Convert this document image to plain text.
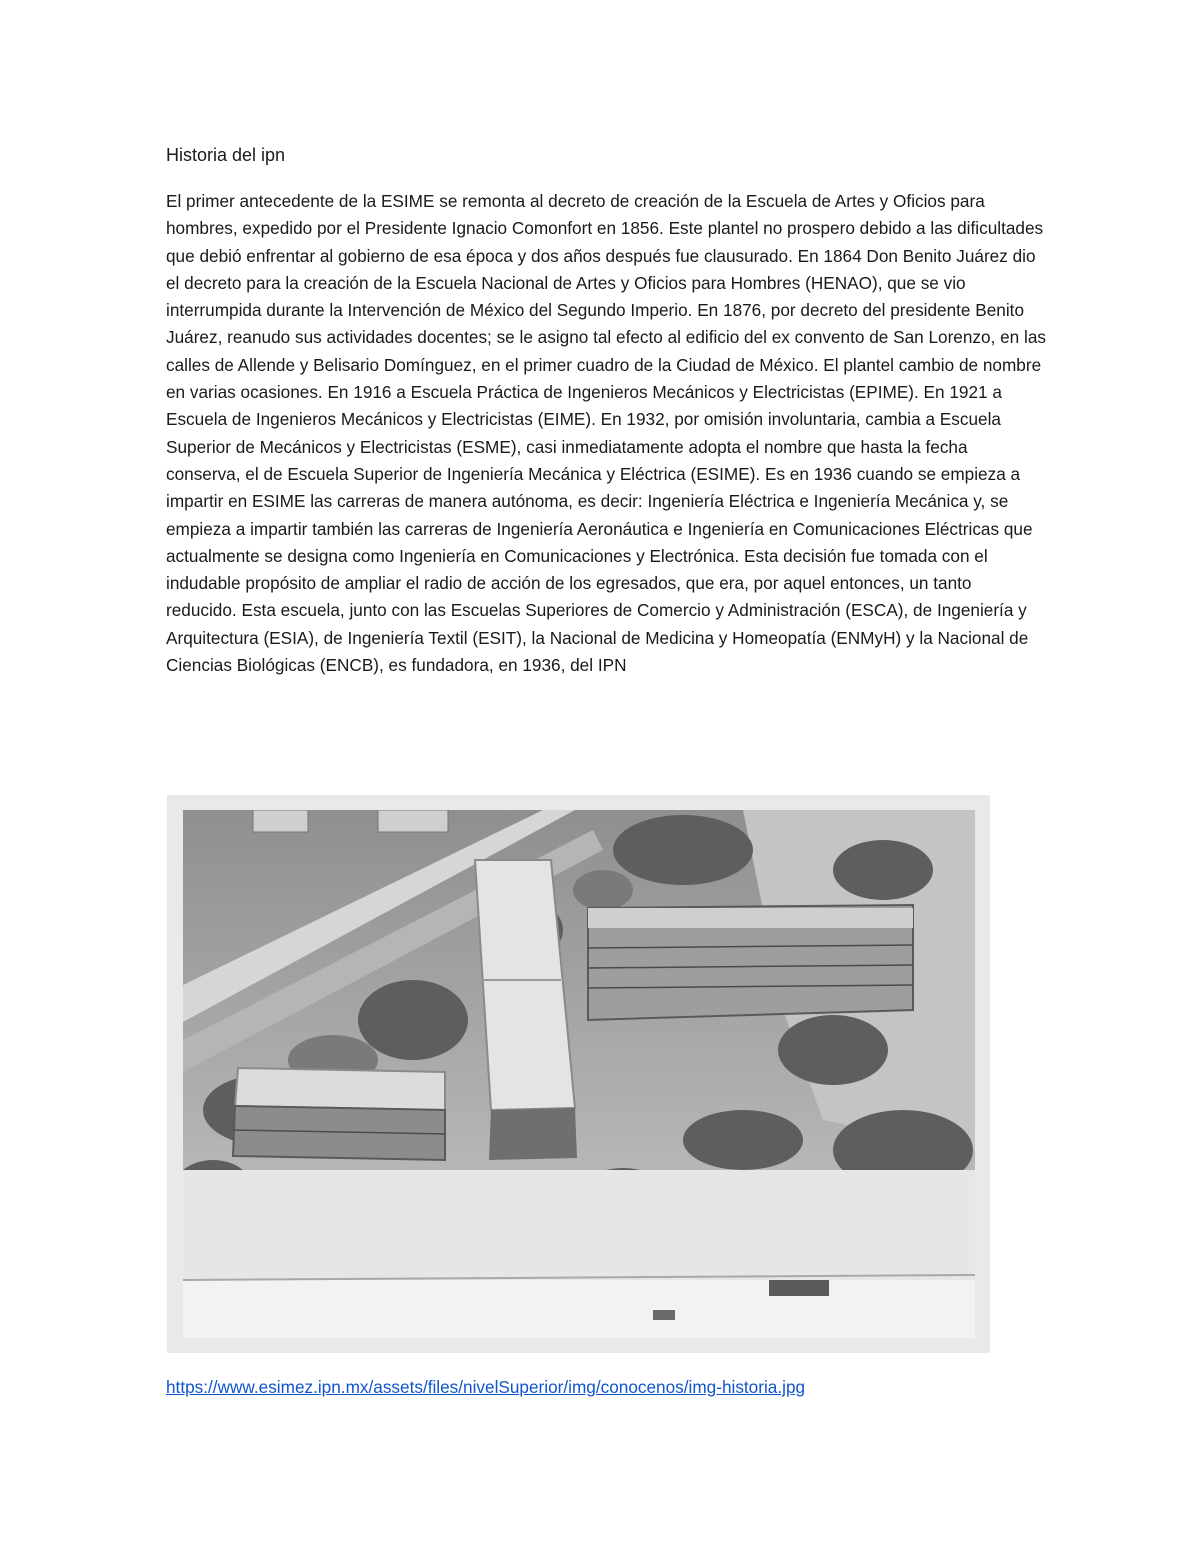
Historia del ipn

El primer antecedente de la ESIME se remonta al decreto de creación de la Escuela de Artes y Oficios para hombres, expedido por el Presidente Ignacio Comonfort en 1856. Este plantel no prospero debido a las dificultades que debió enfrentar al gobierno de esa época y dos años después fue clausurado. En 1864 Don Benito Juárez dio el decreto para la creación de la Escuela Nacional de Artes y Oficios para Hombres (HENAO), que se vio interrumpida durante la Intervención de México del Segundo Imperio. En 1876, por decreto del presidente Benito Juárez, reanudo sus actividades docentes; se le asigno tal efecto al edificio del ex convento de San Lorenzo, en las calles de Allende y Belisario Domínguez, en el primer cuadro de la Ciudad de México. El plantel cambio de nombre en varias ocasiones. En 1916 a Escuela Práctica de Ingenieros Mecánicos y Electricistas (EPIME). En 1921 a Escuela de Ingenieros Mecánicos y Electricistas (EIME). En 1932, por omisión involuntaria, cambia a Escuela Superior de Mecánicos y Electricistas (ESME), casi inmediatamente adopta el nombre que hasta la fecha conserva, el de Escuela Superior de Ingeniería Mecánica y Eléctrica (ESIME). Es en 1936 cuando se empieza a impartir en ESIME las carreras de manera autónoma, es decir: Ingeniería Eléctrica e Ingeniería Mecánica y, se empieza a impartir también las carreras de Ingeniería Aeronáutica e Ingeniería en Comunicaciones Eléctricas que actualmente se designa como Ingeniería en Comunicaciones y Electrónica. Esta decisión fue tomada con el indudable propósito de ampliar el radio de acción de los egresados, que era, por aquel entonces, un tanto reducido. Esta escuela, junto con las Escuelas Superiores de Comercio y Administración (ESCA), de Ingeniería y Arquitectura (ESIA), de Ingeniería Textil (ESIT), la Nacional de Medicina y Homeopatía (ENMyH) y la Nacional de Ciencias Biológicas (ENCB), es fundadora, en 1936, del IPN

https://www.esimez.ipn.mx/assets/files/nivelSuperior/img/conocenos/img-historia.jpg
